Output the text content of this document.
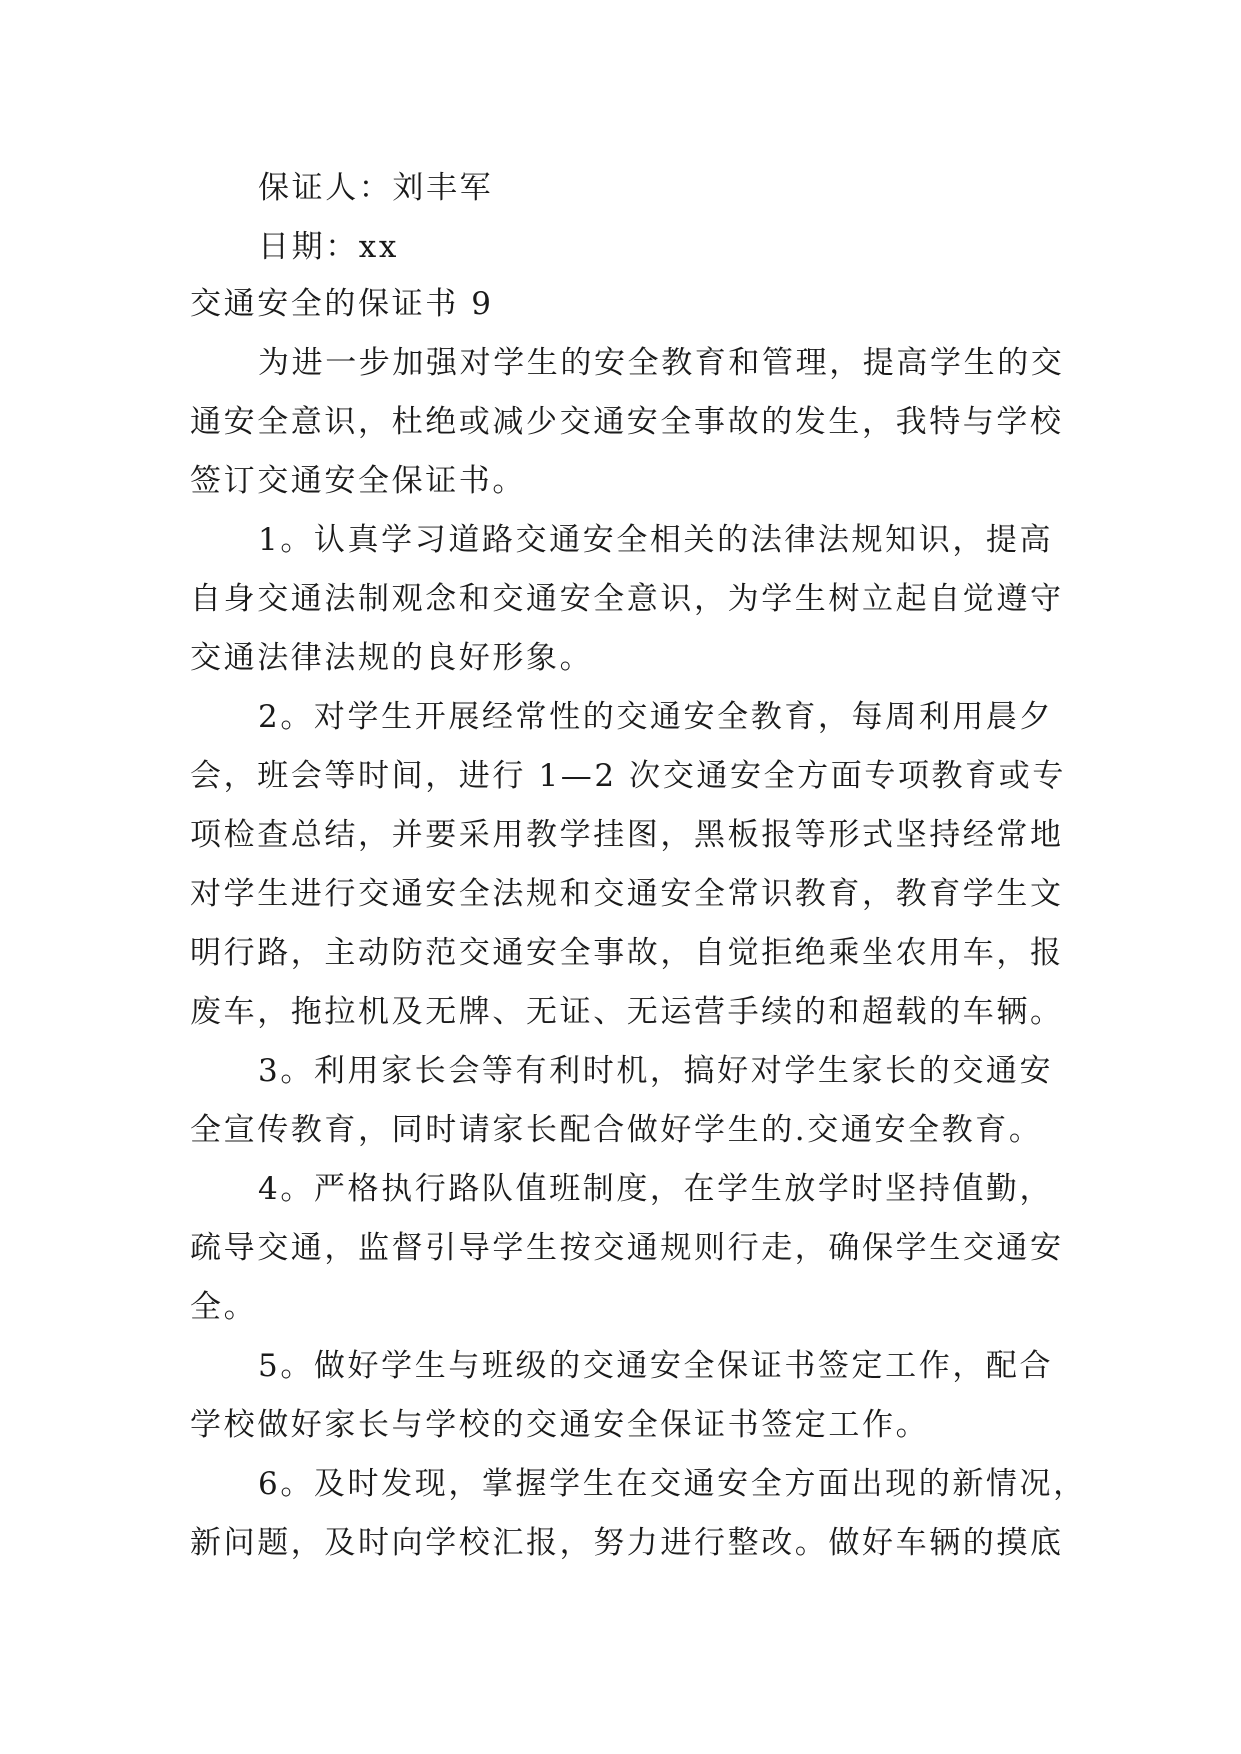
保证人：刘丰军

日期：xx

交通安全的保证书 9

为进一步加强对学生的安全教育和管理，提高学生的交

通安全意识，杜绝或减少交通安全事故的发生，我特与学校

签订交通安全保证书。

1。认真学习道路交通安全相关的法律法规知识，提高

自身交通法制观念和交通安全意识，为学生树立起自觉遵守

交通法律法规的良好形象。

2。对学生开展经常性的交通安全教育，每周利用晨夕

会，班会等时间，进行 1—2 次交通安全方面专项教育或专

项检查总结，并要采用教学挂图，黑板报等形式坚持经常地

对学生进行交通安全法规和交通安全常识教育，教育学生文

明行路，主动防范交通安全事故，自觉拒绝乘坐农用车，报

废车，拖拉机及无牌、无证、无运营手续的和超载的车辆。

3。利用家长会等有利时机，搞好对学生家长的交通安

全宣传教育，同时请家长配合做好学生的.交通安全教育。

4。严格执行路队值班制度，在学生放学时坚持值勤，

疏导交通，监督引导学生按交通规则行走，确保学生交通安

全。

5。做好学生与班级的交通安全保证书签定工作，配合

学校做好家长与学校的交通安全保证书签定工作。

6。及时发现，掌握学生在交通安全方面出现的新情况，

新问题，及时向学校汇报，努力进行整改。做好车辆的摸底
